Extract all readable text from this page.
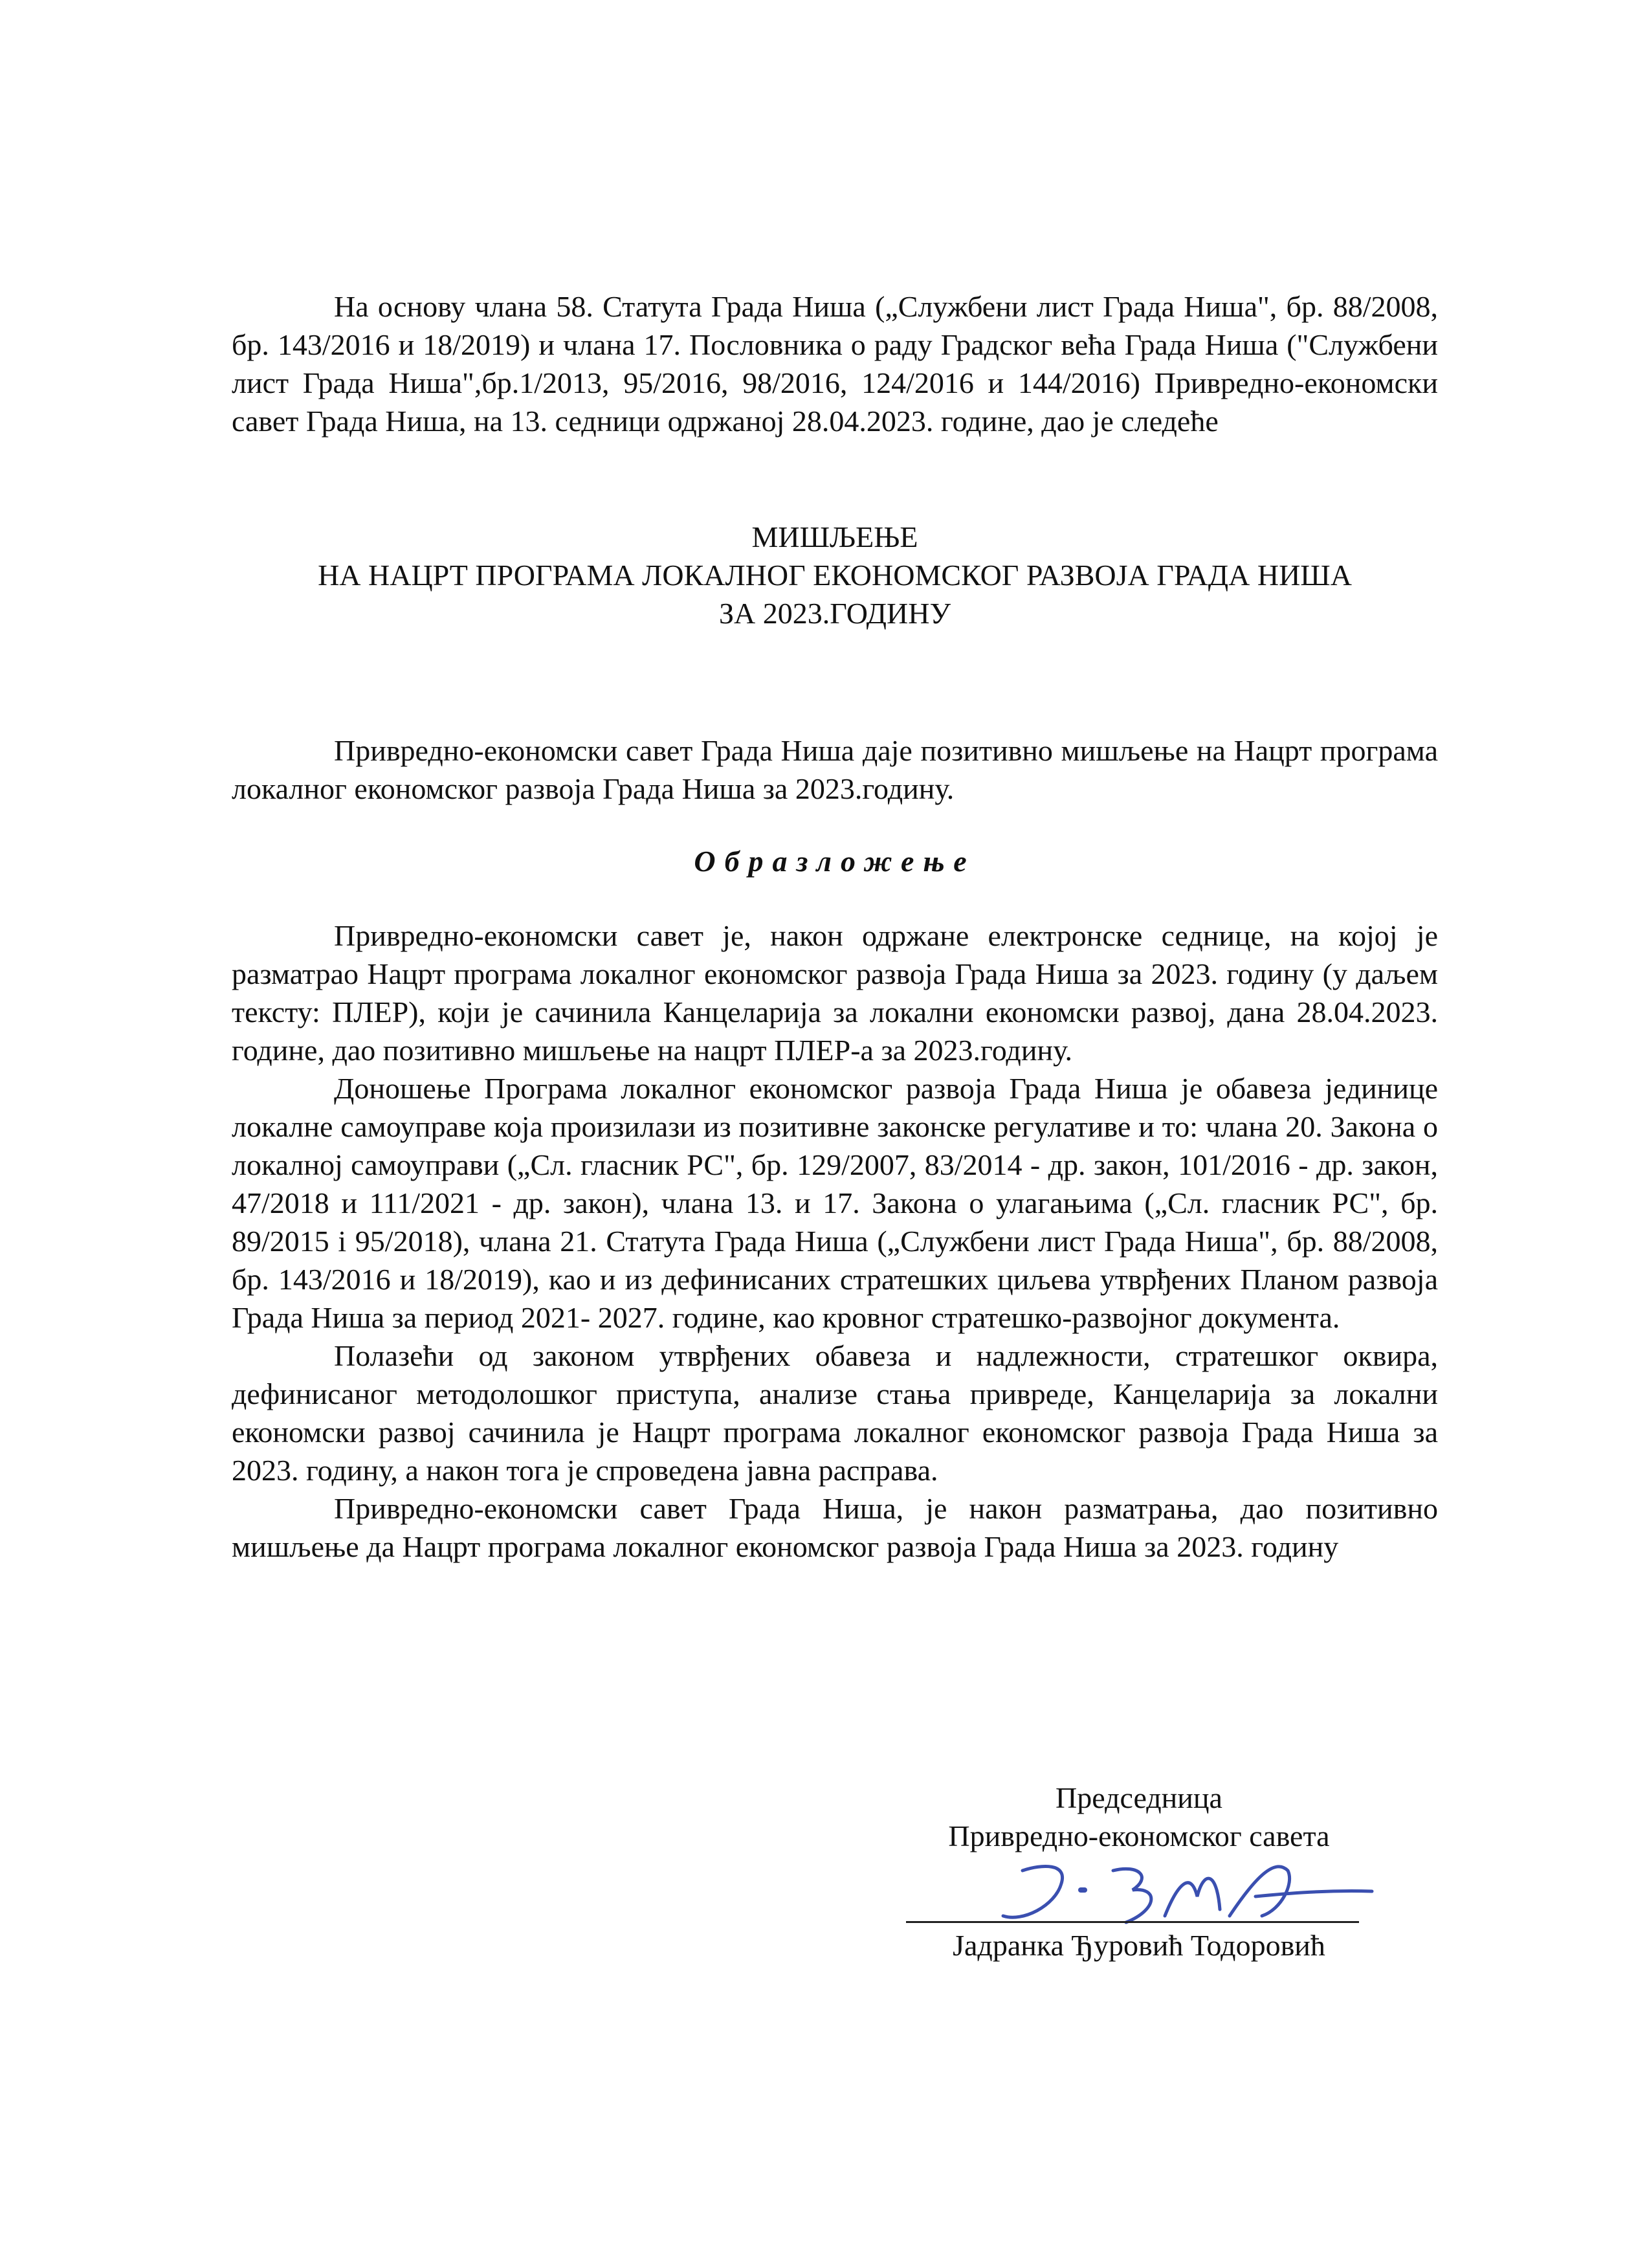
На основу члана 58. Статута Града Ниша („Службени лист Града Ниша", бр. 88/2008, бр. 143/2016 и 18/2019) и члана 17. Пословника о раду Градског већа Града Ниша ("Службени лист Града Ниша",бр.1/2013, 95/2016, 98/2016, 124/2016 и 144/2016) Привредно-економски савет Града Ниша, на 13. седници одржаној 28.04.2023. године, дао је следеће

МИШЉЕЊЕ
НА НАЦРТ ПРОГРАМА ЛОКАЛНОГ ЕКОНОМСКОГ РАЗВОЈА ГРАДА НИША
ЗА 2023.ГОДИНУ

Привредно-економски савет Града Ниша даје позитивно мишљење на Нацрт програма локалног економског развоја Града Ниша за 2023.годину.

Образложење

Привредно-економски савет је, након одржане електронске седнице, на којој је разматрао Нацрт програма локалног економског развоја Града Ниша за 2023. годину (у даљем тексту: ПЛЕР), који је сачинила Канцеларија за локални економски развој, дана 28.04.2023. године, дао позитивно мишљење на нацрт ПЛЕР-а за 2023.годину.

Доношење Програма локалног економског развоја Града Ниша је обавеза јединице локалне самоуправе која произилази из позитивне законске регулативе и то: члана 20. Закона о локалној самоуправи („Сл. гласник РС", бр. 129/2007, 83/2014 - др. закон, 101/2016 - др. закон, 47/2018 и 111/2021 - др. закон), члана 13. и 17. Закона о улагањима („Сл. гласник РС", бр. 89/2015 і 95/2018), члана 21. Статута Града Ниша („Службени лист Града Ниша", бр. 88/2008, бр. 143/2016 и 18/2019), као и из дефинисаних стратешких циљева утврђених Планом развоја Града Ниша за период 2021- 2027. године, као кровног стратешко-развојног документа.

Полазећи од законом утврђених обавеза и надлежности, стратешког оквира, дефинисаног методолошког приступа, анализе стања привреде, Канцеларија за локални економски развој сачинила је Нацрт програма локалног економског развоја Града Ниша за 2023. годину, а након тога је спроведена јавна расправа.

Привредно-економски савет Града Ниша, је након разматрања, дао позитивно мишљење да Нацрт програма локалног економског развоја Града Ниша за 2023. годину

Председница
Привредно-економског савета
Јадранка Ђуровић Тодоровић
